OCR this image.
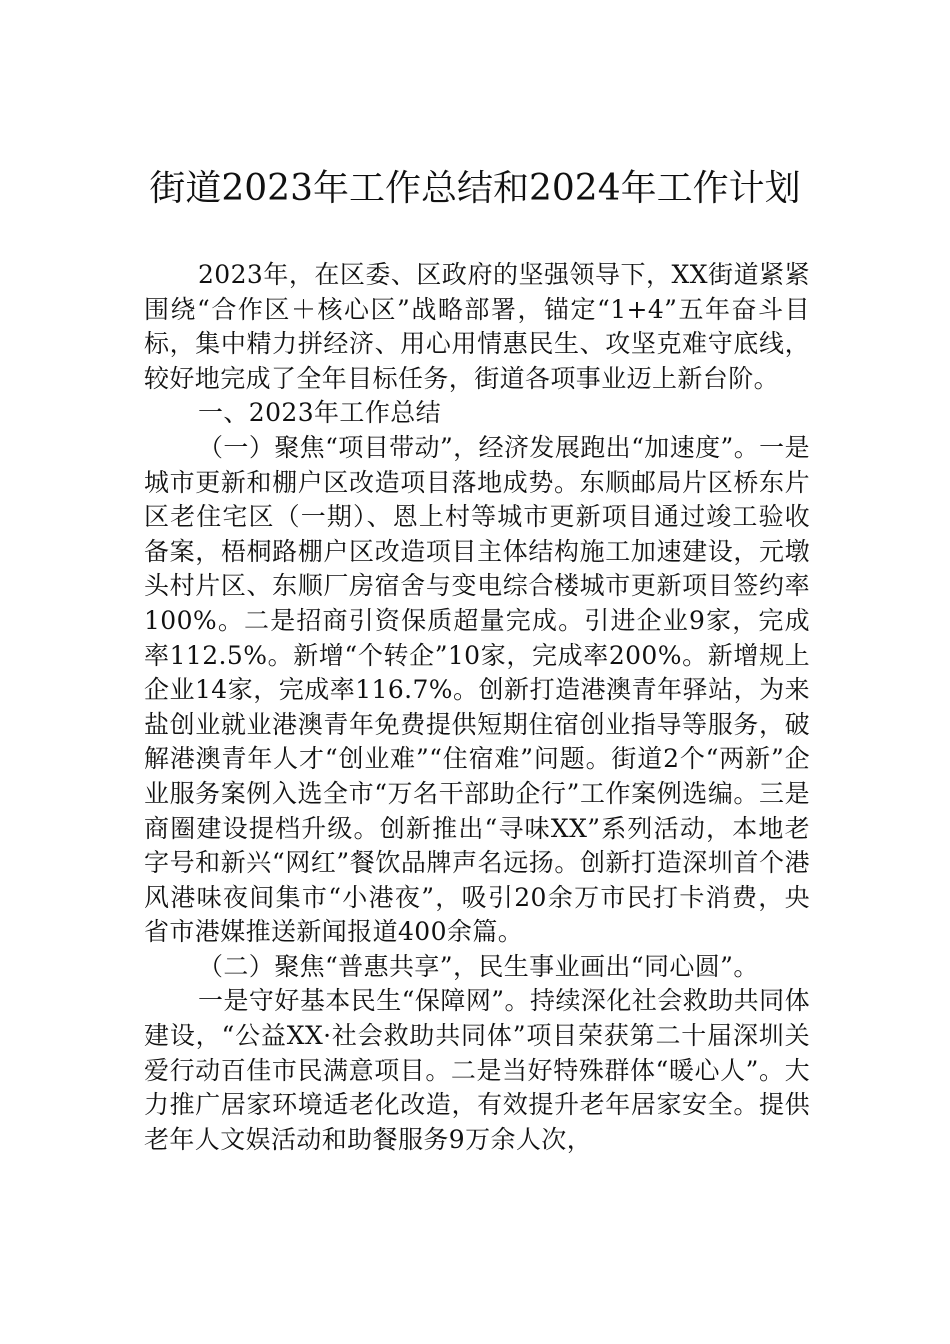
街道2023年工作总结和2024年工作计划

2023年，在区委、区政府的坚强领导下，XX街道紧紧围绕“合作区＋核心区”战略部署，锚定“1+4”五年奋斗目标，集中精力拼经济、用心用情惠民生、攻坚克难守底线，较好地完成了全年目标任务，街道各项事业迈上新台阶。

一、2023年工作总结

（一）聚焦“项目带动”，经济发展跑出“加速度”。一是城市更新和棚户区改造项目落地成势。东顺邮局片区桥东片区老住宅区（一期）、恩上村等城市更新项目通过竣工验收备案，梧桐路棚户区改造项目主体结构施工加速建设，元墩头村片区、东顺厂房宿舍与变电综合楼城市更新项目签约率100%。二是招商引资保质超量完成。引进企业9家，完成率112.5%。新增“个转企”10家，完成率200%。新增规上企业14家，完成率116.7%。创新打造港澳青年驿站，为来盐创业就业港澳青年免费提供短期住宿创业指导等服务，破解港澳青年人才“创业难”“住宿难”问题。街道2个“两新”企业服务案例入选全市“万名干部助企行”工作案例选编。三是商圈建设提档升级。创新推出“寻味XX”系列活动，本地老字号和新兴“网红”餐饮品牌声名远扬。创新打造深圳首个港风港味夜间集市“小港夜”，吸引20余万市民打卡消费，央省市港媒推送新闻报道400余篇。

（二）聚焦“普惠共享”，民生事业画出“同心圆”。

一是守好基本民生“保障网”。持续深化社会救助共同体建设，“公益XX·社会救助共同体”项目荣获第二十届深圳关爱行动百佳市民满意项目。二是当好特殊群体“暖心人”。大力推广居家环境适老化改造，有效提升老年居家安全。提供老年人文娱活动和助餐服务9万余人次，
